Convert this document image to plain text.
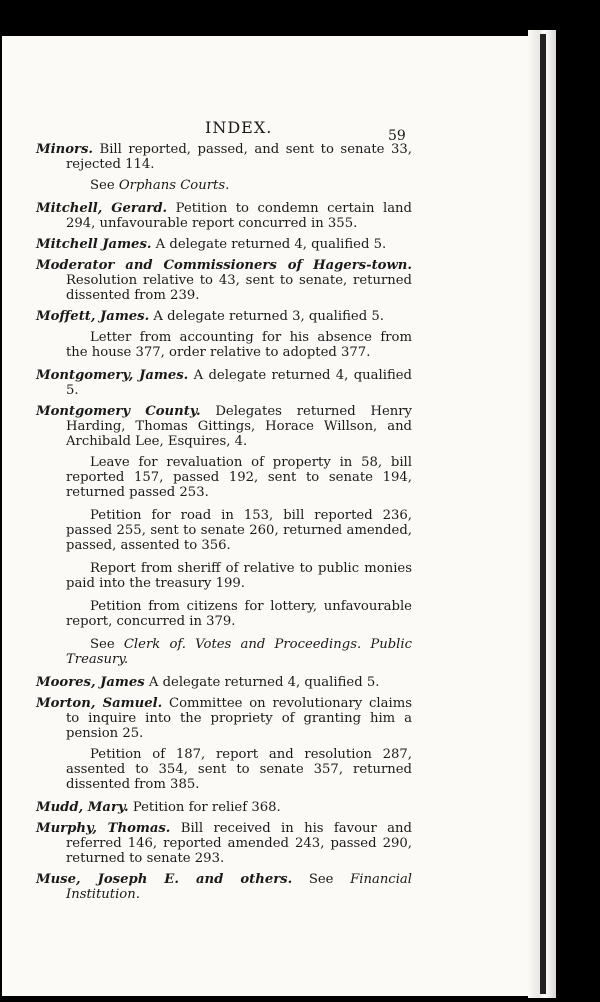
INDEX.	59

Minors. Bill reported, passed, and sent to senate 33, rejected 114.

See Orphans Courts.

Mitchell, Gerard. Petition to condemn certain land 294, unfavourable report concurred in 355.

Mitchell James. A delegate returned 4, qualified 5.

Moderator and Commissioners of Hagers-town. Resolution relative to 43, sent to senate, returned dissented from 239.

Moffett, James. A delegate returned 3, qualified 5.

Letter from accounting for his absence from the house 377, order relative to adopted 377.

Montgomery, James. A delegate returned 4, qualified 5.

Montgomery County. Delegates returned Henry Harding, Thomas Gittings, Horace Willson, and Archibald Lee, Esquires, 4.

Leave for revaluation of property in 58, bill reported 157, passed 192, sent to senate 194, returned passed 253.

Petition for road in 153, bill reported 236, passed 255, sent to senate 260, returned amended, passed, assented to 356.

Report from sheriff of relative to public monies paid into the treasury 199.

Petition from citizens for lottery, unfavourable report, concurred in 379.

See Clerk of. Votes and Proceedings. Public Treasury.

Moores, James A delegate returned 4, qualified 5.

Morton, Samuel. Committee on revolutionary claims to inquire into the propriety of granting him a pension 25.

Petition of 187, report and resolution 287, assented to 354, sent to senate 357, returned dissented from 385.

Mudd, Mary. Petition for relief 368.

Murphy, Thomas. Bill received in his favour and referred 146, reported amended 243, passed 290, returned to senate 293.

Muse, Joseph E. and others. See Financial Institution.
